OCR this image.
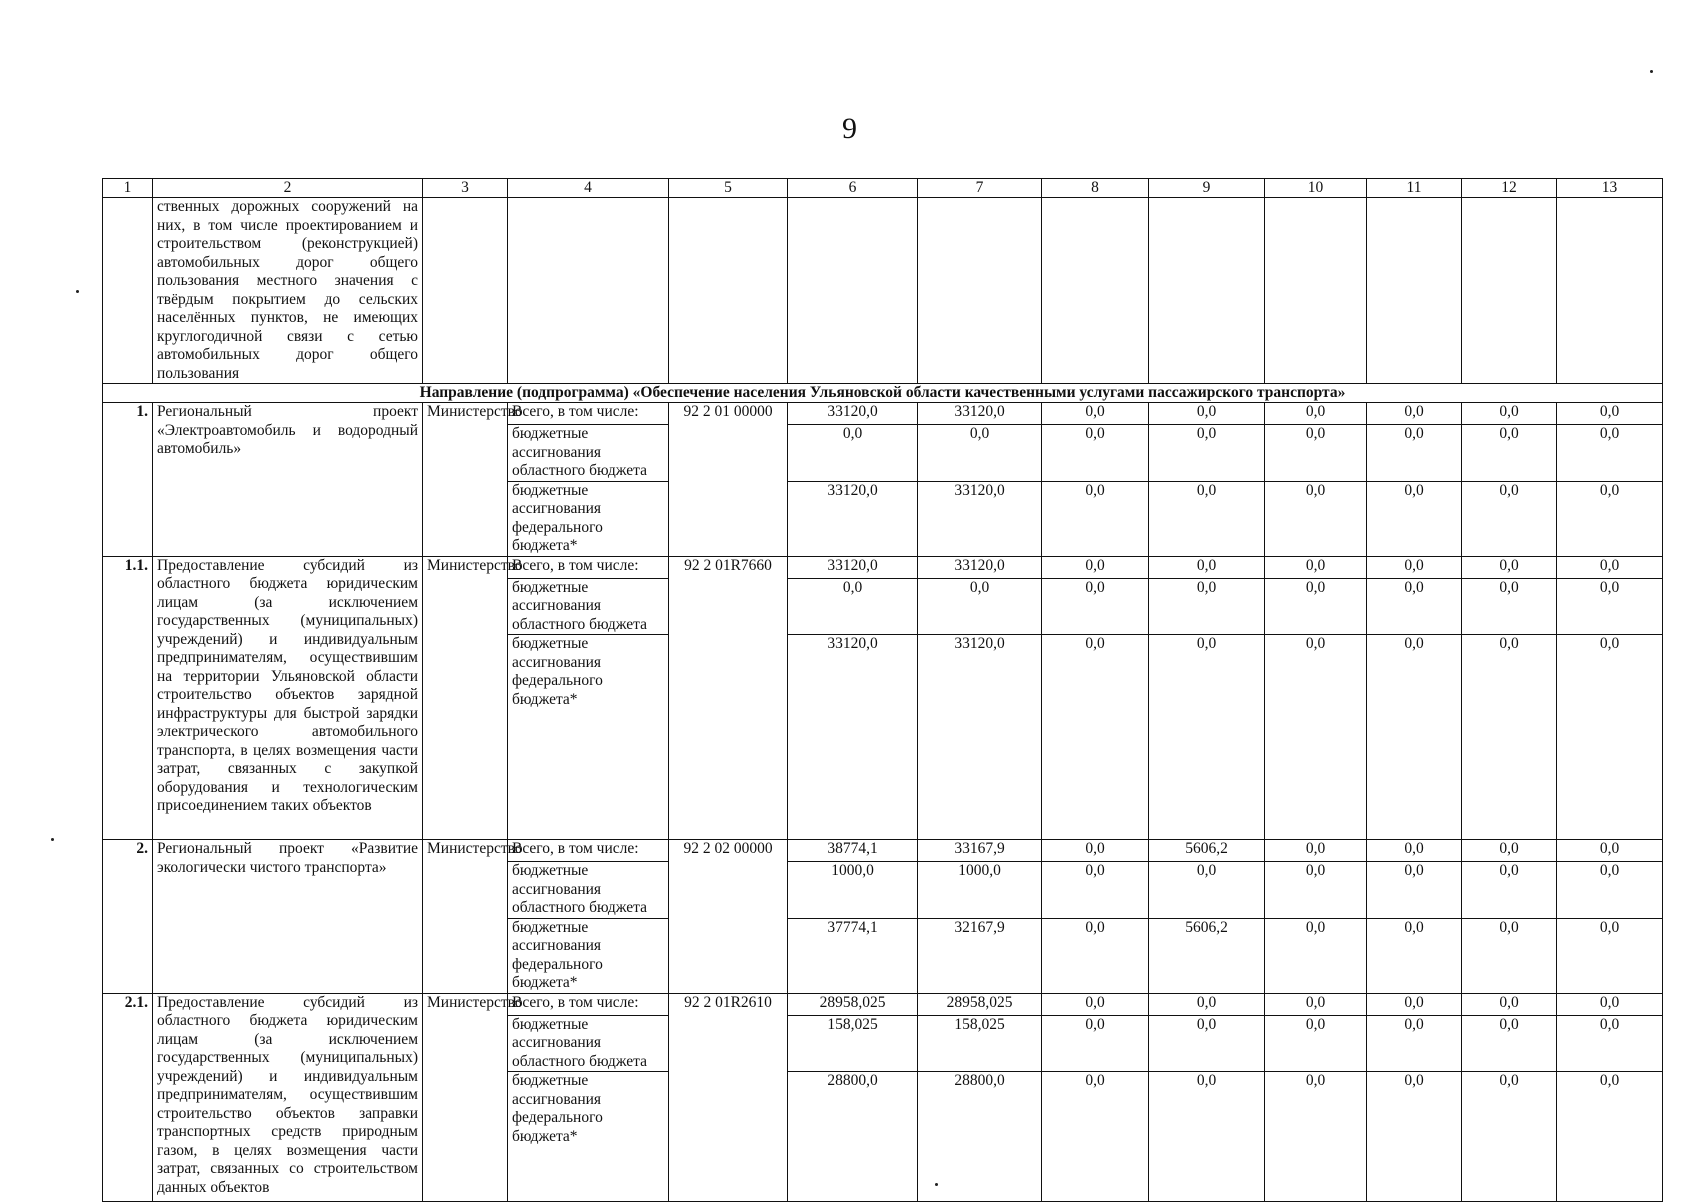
9
1	2	3	4	5	6	7	8	9	10	11	12	13
	ственных дорожных сооружений на них, в том числе проектированием и строительством (реконструкцией) автомобильных дорог общего пользования местного значения с твёрдым покрытием до сельских населённых пунктов, не имеющих круглогодичной связи с сетью автомобильных дорог общего пользования											
Направление (подпрограмма) «Обеспечение населения Ульяновской области качественными услугами пассажирского транспорта»												
1.	Региональный проект «Электроавтомобиль и водородный автомобиль»	Министерство	Всего, в том числе:	92 2 01 00000	33120,0	33120,0	0,0	0,0	0,0	0,0	0,0	0,0
			бюджетные ассигнования областного бюджета		0,0	0,0	0,0	0,0	0,0	0,0	0,0	0,0
			бюджетные ассигнования федерального бюджета*		33120,0	33120,0	0,0	0,0	0,0	0,0	0,0	0,0
1.1.	Предоставление субсидий из областного бюджета юридическим лицам (за исключением государственных (муниципальных) учреждений) и индивидуальным предпринимателям, осуществившим на территории Ульяновской области строительство объектов зарядной инфраструктуры для быстрой зарядки электрического автомобильного транспорта, в целях возмещения части затрат, связанных с закупкой оборудования и технологическим присоединением таких объектов	Министерство	Всего, в том числе:	92 2 01R7660	33120,0	33120,0	0,0	0,0	0,0	0,0	0,0	0,0
			бюджетные ассигнования областного бюджета		0,0	0,0	0,0	0,0	0,0	0,0	0,0	0,0
			бюджетные ассигнования федерального бюджета*		33120,0	33120,0	0,0	0,0	0,0	0,0	0,0	0,0
2.	Региональный проект «Развитие экологически чистого транспорта»	Министерство	Всего, в том числе:	92 2 02 00000	38774,1	33167,9	0,0	5606,2	0,0	0,0	0,0	0,0
			бюджетные ассигнования областного бюджета		1000,0	1000,0	0,0	0,0	0,0	0,0	0,0	0,0
			бюджетные ассигнования федерального бюджета*		37774,1	32167,9	0,0	5606,2	0,0	0,0	0,0	0,0
2.1.	Предоставление субсидий из областного бюджета юридическим лицам (за исключением государственных (муниципальных) учреждений) и индивидуальным предпринимателям, осуществившим строительство объектов заправки транспортных средств природным газом, в целях возмещения части затрат, связанных со строительством данных объектов	Министерство	Всего, в том числе:	92 2 01R2610	28958,025	28958,025	0,0	0,0	0,0	0,0	0,0	0,0
			бюджетные ассигнования областного бюджета		158,025	158,025	0,0	0,0	0,0	0,0	0,0	0,0
			бюджетные ассигнования федерального бюджета*		28800,0	28800,0	0,0	0,0	0,0	0,0	0,0	0,0
